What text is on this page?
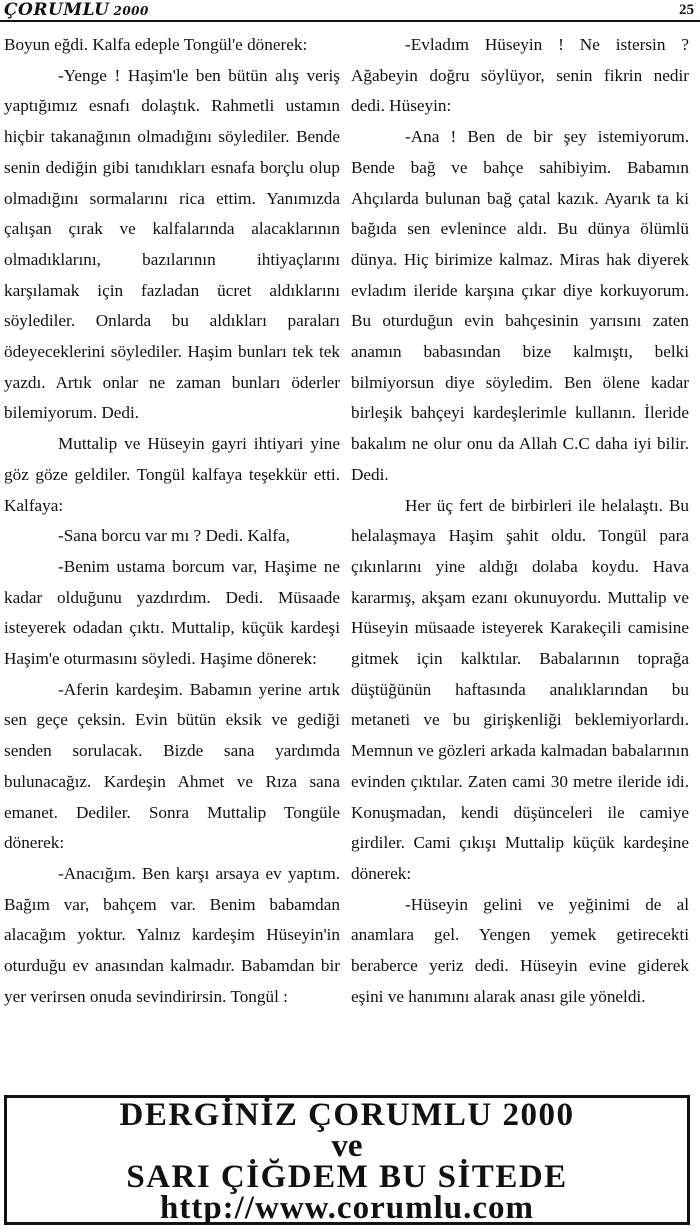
ÇORUMLU 2000	25

Boyun eğdi. Kalfa edeple Tongül'e dönerek:

-Yenge ! Haşim'le ben bütün alış veriş yaptığımız esnafı dolaştık. Rahmetli ustamın hiçbir takanağının olmadığını söylediler. Bende senin dediğin gibi tanıdıkları esnafa borçlu olup olmadığını sormalarını rica ettim. Yanımızda çalışan çırak ve kalfalarında alacaklarının olmadıklarını, bazılarının ihtiyaçlarını karşılamak için fazladan ücret aldıklarını söylediler. Onlarda bu aldıkları paraları ödeyeceklerini söylediler. Haşim bunları tek tek yazdı. Artık onlar ne zaman bunları öderler bilemiyorum. Dedi.

Muttalip ve Hüseyin gayri ihtiyari yine göz göze geldiler. Tongül kalfaya teşekkür etti. Kalfaya:

-Sana borcu var mı ? Dedi. Kalfa,

-Benim ustama borcum var, Haşime ne kadar olduğunu yazdırdım. Dedi. Müsaade isteyerek odadan çıktı. Muttalip, küçük kardeşi Haşim'e oturmasını söyledi. Haşime dönerek:

-Aferin kardeşim. Babamın yerine artık sen geçe çeksin. Evin bütün eksik ve gediği senden sorulacak. Bizde sana yardımda bulunacağız. Kardeşin Ahmet ve Rıza sana emanet. Dediler. Sonra Muttalip Tongüle dönerek:

-Anacığım. Ben karşı arsaya ev yaptım. Bağım var, bahçem var. Benim babamdan alacağım yoktur. Yalnız kardeşim Hüseyin'in oturduğu ev anasından kalmadır. Babamdan bir yer verirsen onuda sevindirirsin. Tongül :

-Evladım Hüseyin ! Ne istersin ? Ağabeyin doğru söylüyor, senin fikrin nedir dedi. Hüseyin:

-Ana ! Ben de bir şey istemiyorum. Bende bağ ve bahçe sahibiyim. Babamın Ahçılarda bulunan bağ çatal kazık. Ayarık ta ki bağıda sen evlenince aldı. Bu dünya ölümlü dünya. Hiç birimize kalmaz. Miras hak diyerek evladım ileride karşına çıkar diye korkuyorum. Bu oturduğun evin bahçesinin yarısını zaten anamın babasından bize kalmıştı, belki bilmiyorsun diye söyledim. Ben ölene kadar birleşik bahçeyi kardeşlerimle kullanın. İleride bakalım ne olur onu da Allah C.C daha iyi bilir. Dedi.

Her üç fert de birbirleri ile helalaştı. Bu helalaşmaya Haşim şahit oldu. Tongül para çıkınlarını yine aldığı dolaba koydu. Hava kararmış, akşam ezanı okunuyordu. Muttalip ve Hüseyin müsaade isteyerek Karakeçili camisine gitmek için kalktılar. Babalarının toprağa düştüğünün haftasında analıklarından bu metaneti ve bu girişkenliği beklemiyorlardı. Memnun ve gözleri arkada kalmadan babalarının evinden çıktılar. Zaten cami 30 metre ileride idi. Konuşmadan, kendi düşünceleri ile camiye girdiler. Cami çıkışı Muttalip küçük kardeşine dönerek:

-Hüseyin gelini ve yeğinimi de al anamlara gel. Yengen yemek getirecekti beraberce yeriz dedi. Hüseyin evine giderek eşini ve hanımını alarak anası gile yöneldi.

DERGİNİZ ÇORUMLU 2000
ve
SARI ÇİĞDEM BU SİTEDE
http://www.corumlu.com
